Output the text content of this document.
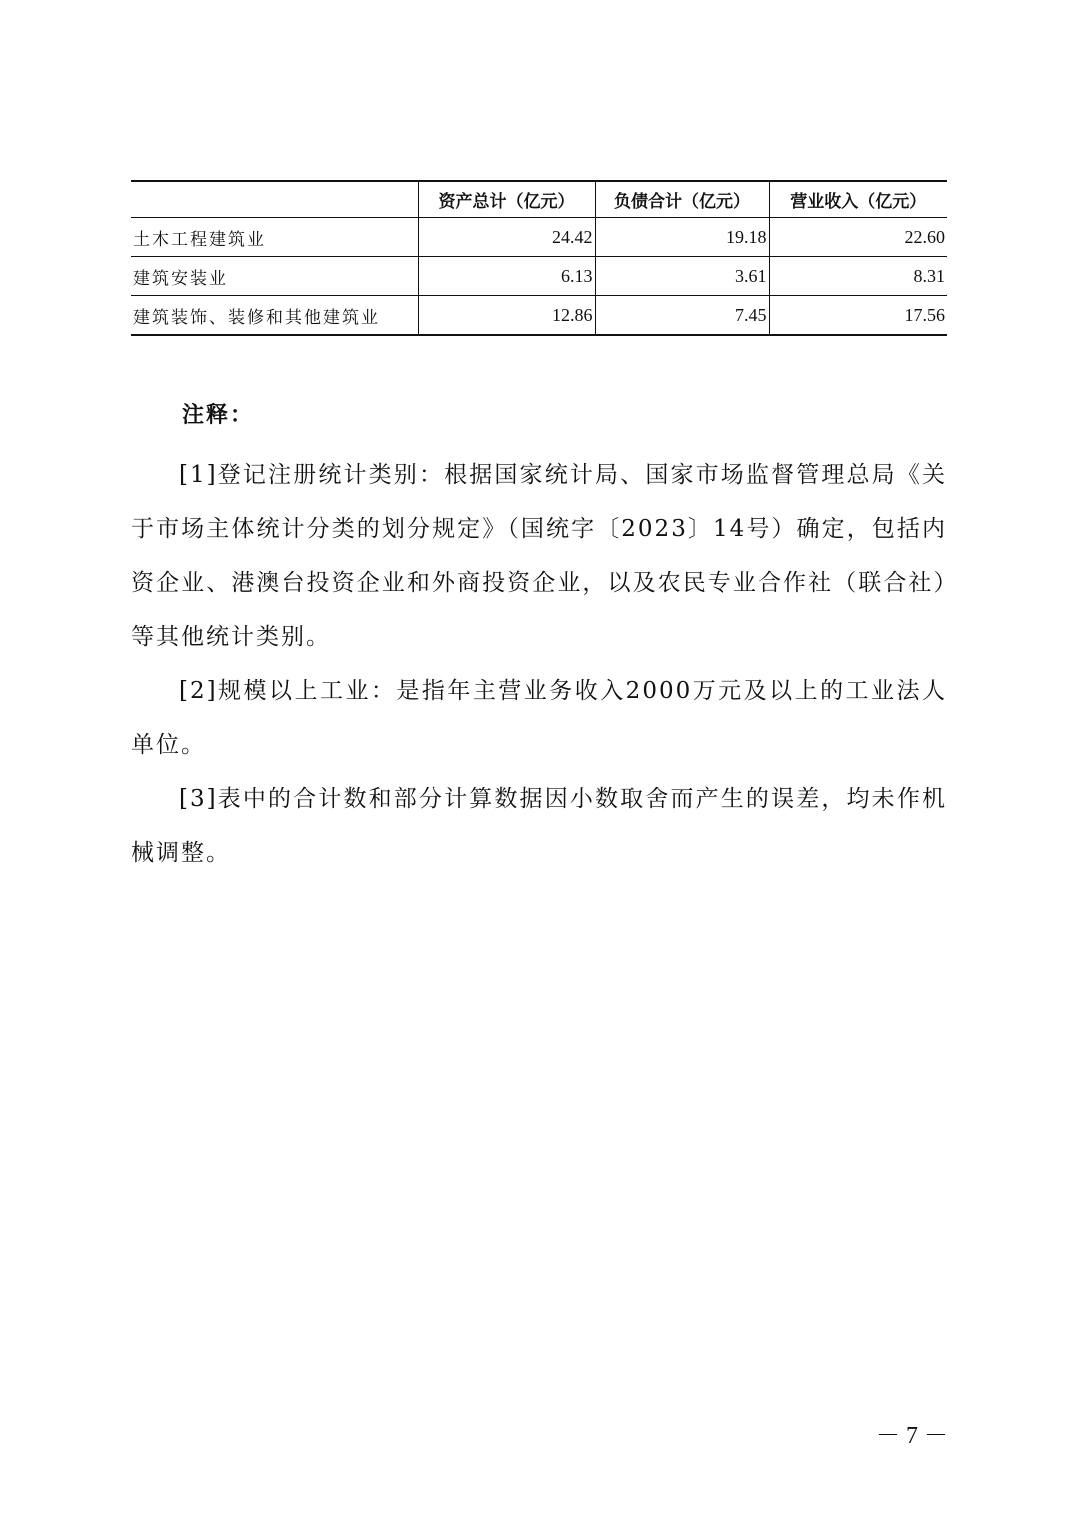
	资产总计（亿元）	负债合计（亿元）	营业收入（亿元）
土木工程建筑业	24.42	19.18	22.60
建筑安装业	6.13	3.61	8.31
建筑装饰、装修和其他建筑业	12.86	7.45	17.56
注释：

[1]登记注册统计类别：根据国家统计局、国家市场监督管理总局《关于市场主体统计分类的划分规定》（国统字〔2023〕14号）确定，包括内资企业、港澳台投资企业和外商投资企业，以及农民专业合作社（联合社）等其他统计类别。

[2]规模以上工业：是指年主营业务收入2000万元及以上的工业法人单位。

[3]表中的合计数和部分计算数据因小数取舍而产生的误差，均未作机械调整。

－ 7 －
